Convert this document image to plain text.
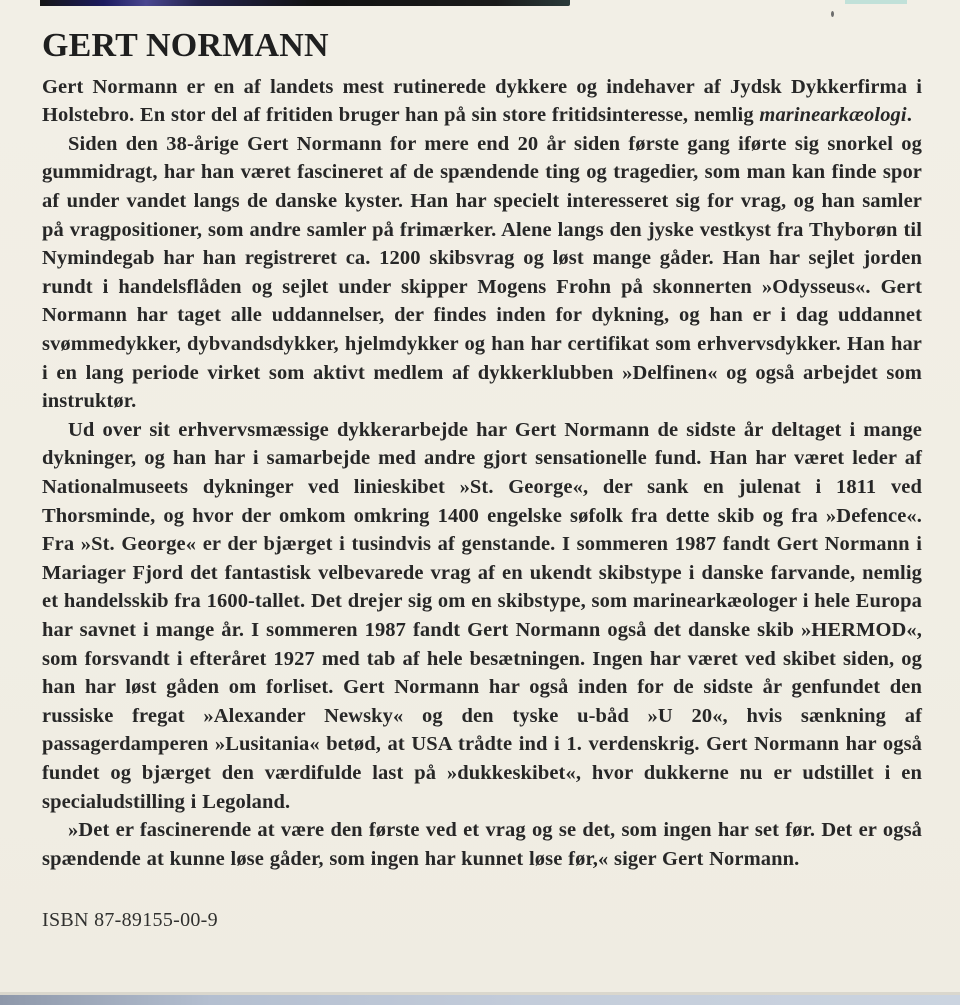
GERT NORMANN

Gert Normann er en af landets mest rutinerede dykkere og indehaver af Jydsk Dykkerfirma i Holstebro. En stor del af fritiden bruger han på sin store fritidsinteresse, nemlig marinearkæologi.

Siden den 38-årige Gert Normann for mere end 20 år siden første gang iførte sig snorkel og gummidragt, har han været fascineret af de spændende ting og tragedier, som man kan finde spor af under vandet langs de danske kyster. Han har specielt interesseret sig for vrag, og han samler på vragpositioner, som andre samler på frimærker. Alene langs den jyske vestkyst fra Thyborøn til Nymindegab har han registreret ca. 1200 skibsvrag og løst mange gåder. Han har sejlet jorden rundt i handelsflåden og sejlet under skipper Mogens Frohn på skonnerten »Odysseus«. Gert Normann har taget alle uddannelser, der findes inden for dykning, og han er i dag uddannet svømmedykker, dybvandsdykker, hjelmdykker og han har certifikat som erhvervsdykker. Han har i en lang periode virket som aktivt medlem af dykkerklubben »Delfinen« og også arbejdet som instruktør.

Ud over sit erhvervsmæssige dykkerarbejde har Gert Normann de sidste år deltaget i mange dykninger, og han har i samarbejde med andre gjort sensationelle fund. Han har været leder af Nationalmuseets dykninger ved linieskibet »St. George«, der sank en julenat i 1811 ved Thorsminde, og hvor der omkom omkring 1400 engelske søfolk fra dette skib og fra »Defence«. Fra »St. George« er der bjærget i tusindvis af genstande. I sommeren 1987 fandt Gert Normann i Mariager Fjord det fantastisk velbevarede vrag af en ukendt skibstype i danske farvande, nemlig et handelsskib fra 1600-tallet. Det drejer sig om en skibstype, som marinearkæologer i hele Europa har savnet i mange år. I sommeren 1987 fandt Gert Normann også det danske skib »HERMOD«, som forsvandt i efteråret 1927 med tab af hele besætningen. Ingen har været ved skibet siden, og han har løst gåden om forliset. Gert Normann har også inden for de sidste år genfundet den russiske fregat »Alexander Newsky« og den tyske u-båd »U 20«, hvis sænkning af passagerdamperen »Lusitania« betød, at USA trådte ind i 1. verdenskrig. Gert Normann har også fundet og bjærget den værdifulde last på »dukkeskibet«, hvor dukkerne nu er udstillet i en specialudstilling i Legoland.

»Det er fascinerende at være den første ved et vrag og se det, som ingen har set før. Det er også spændende at kunne løse gåder, som ingen har kunnet løse før,« siger Gert Normann.

ISBN 87-89155-00-9
